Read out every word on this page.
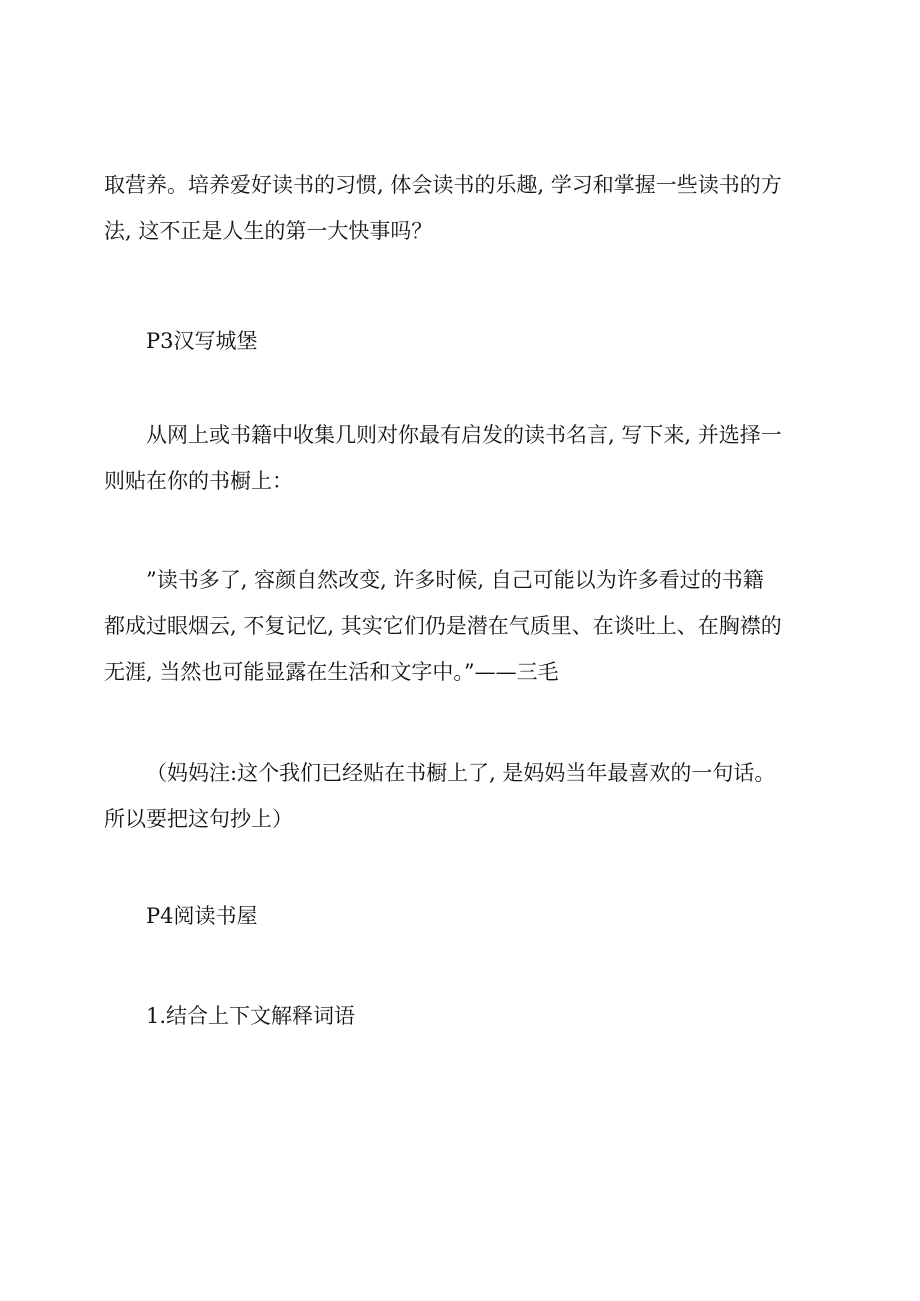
取营养。培养爱好读书的习惯, 体会读书的乐趣, 学习和掌握一些读书的方
法, 这不正是人生的第一大快事吗？

P3汉写城堡

从网上或书籍中收集几则对你最有启发的读书名言, 写下来, 并选择一
则贴在你的书橱上：

”读书多了, 容颜自然改变, 许多时候, 自己可能以为许多看过的书籍
都成过眼烟云, 不复记忆, 其实它们仍是潜在气质里、在谈吐上、在胸襟的
无涯, 当然也可能显露在生活和文字中。”——三毛

（妈妈注:这个我们已经贴在书橱上了, 是妈妈当年最喜欢的一句话。
所以要把这句抄上）

P4阅读书屋

1.结合上下文解释词语
